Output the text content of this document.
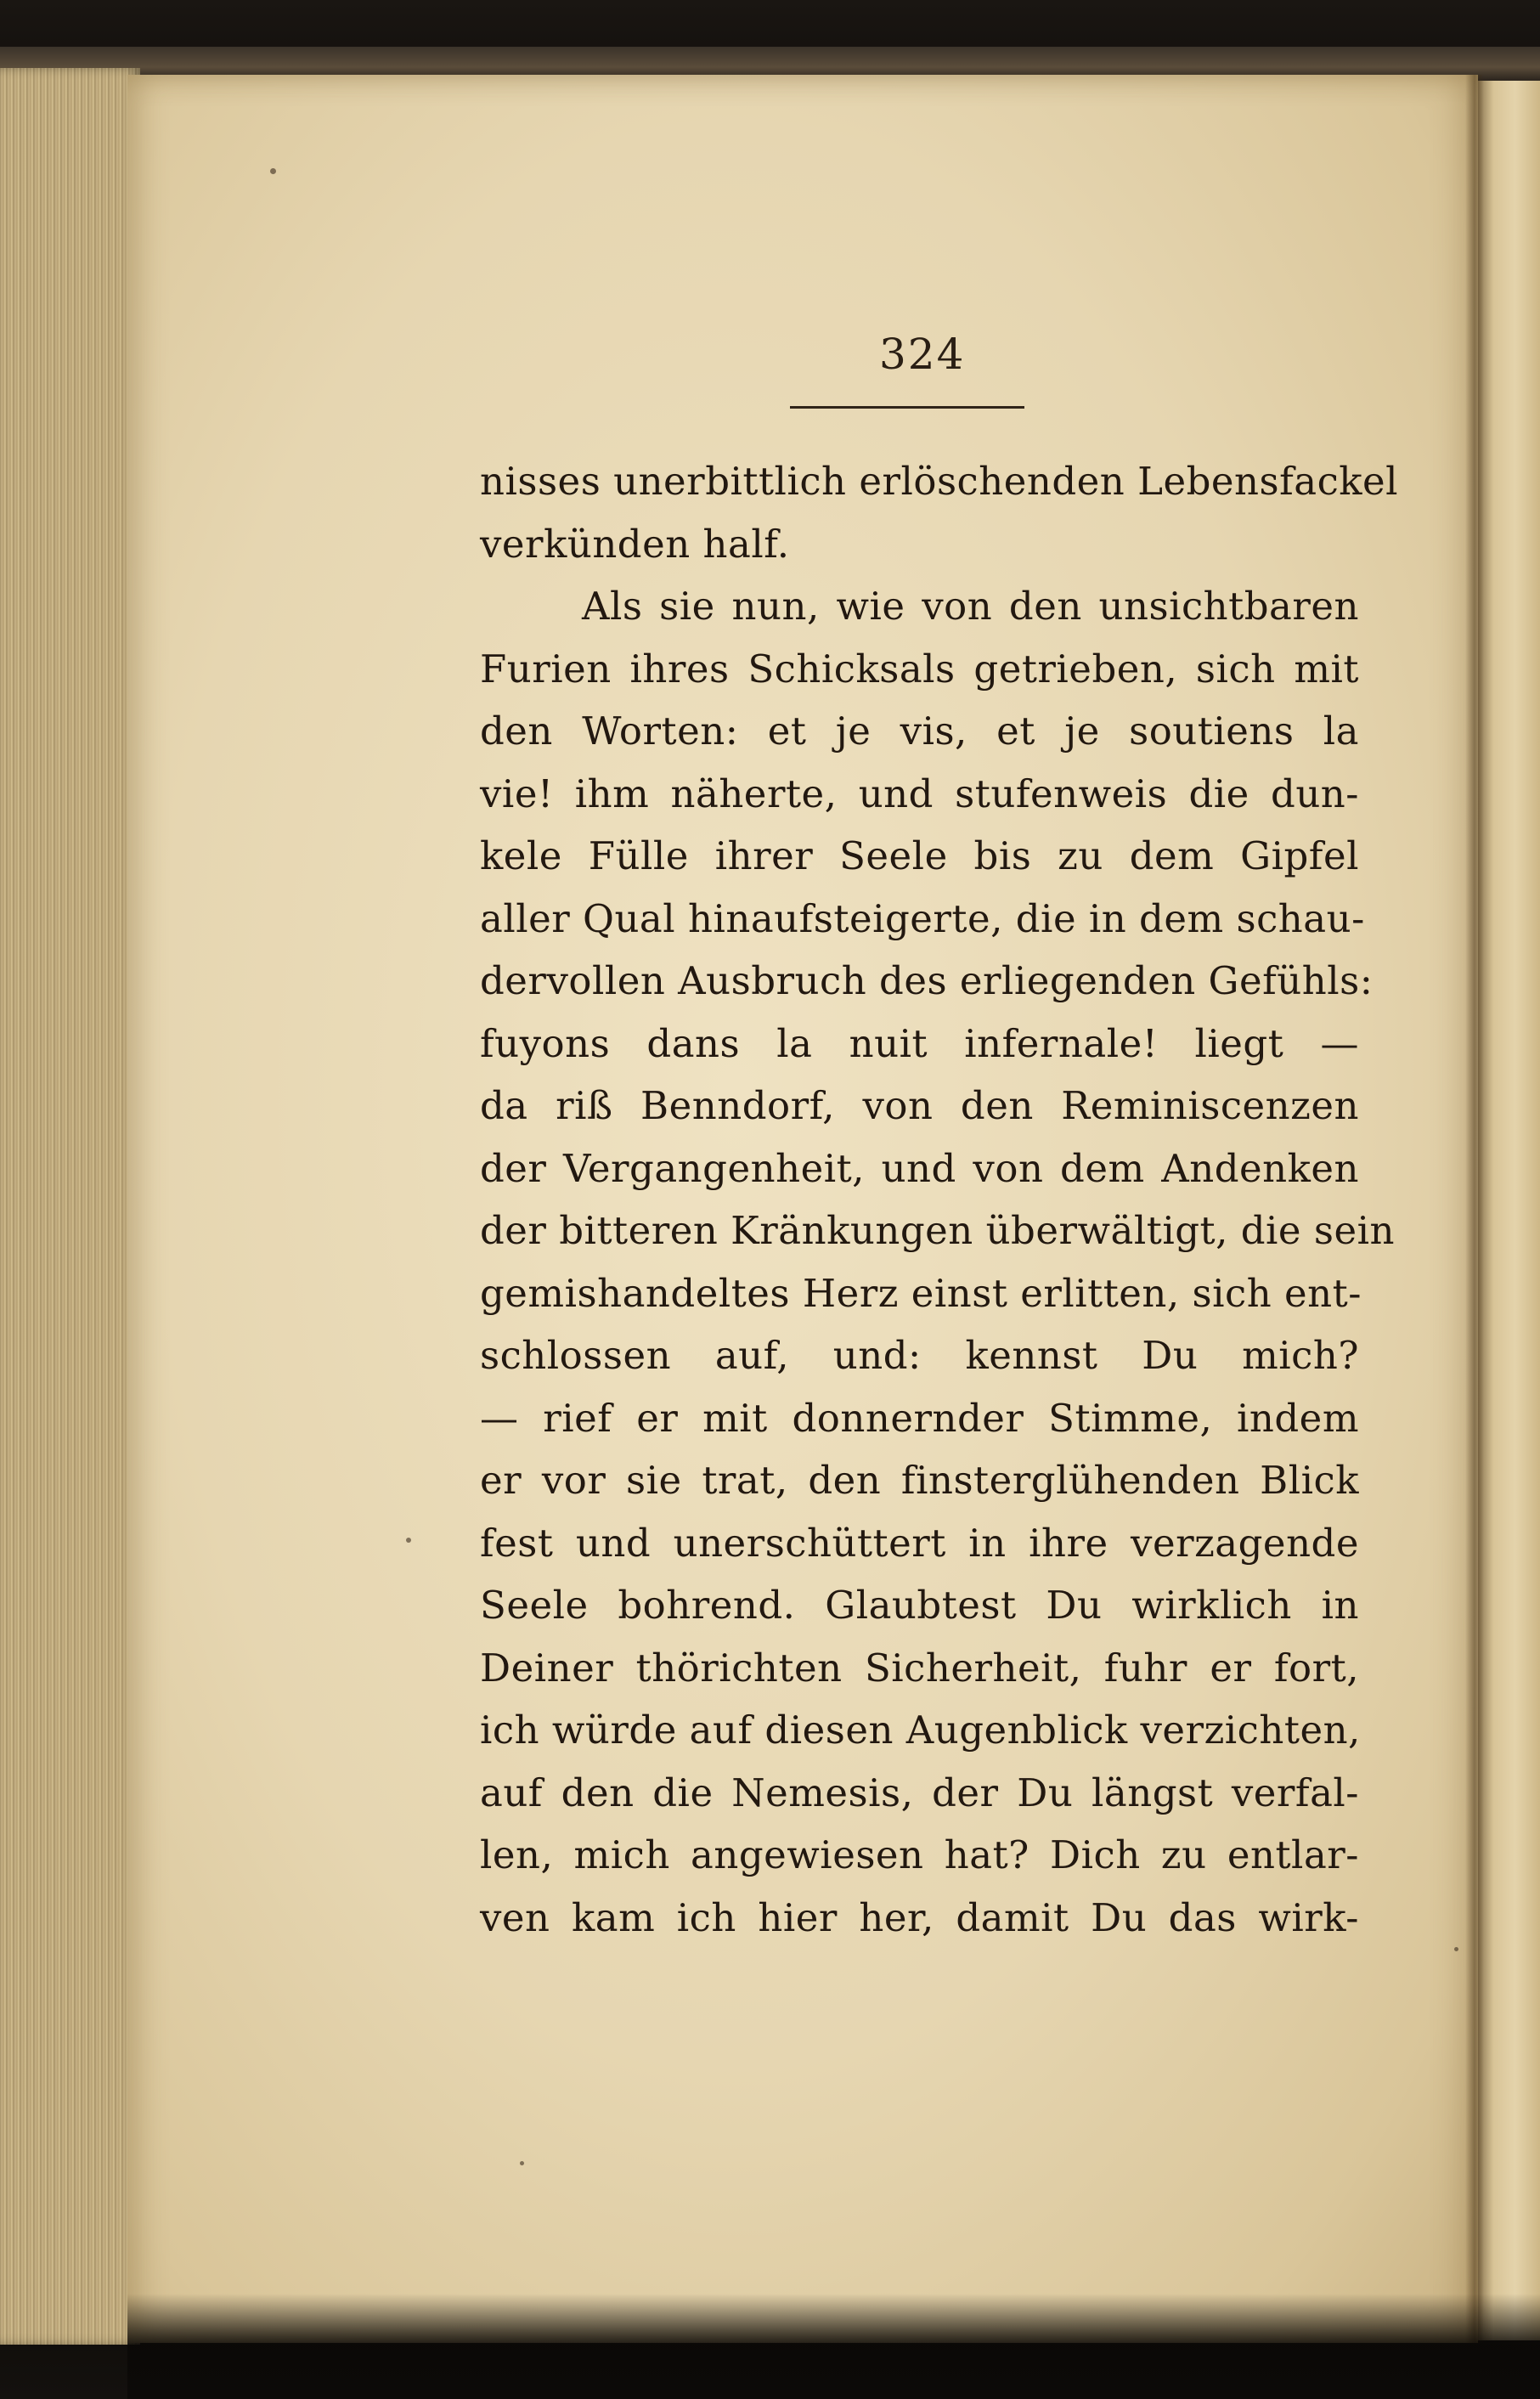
324
nisses unerbittlich erlöschenden Lebensfackel
verkünden half.
Als sie nun, wie von den unsichtbaren
Furien ihres Schicksals getrieben, sich mit
den Worten: et je vis, et je soutiens la
vie! ihm näherte, und stufenweis die dun-
kele Fülle ihrer Seele bis zu dem Gipfel
aller Qual hinaufsteigerte, die in dem schau-
dervollen Ausbruch des erliegenden Gefühls:
fuyons dans la nuit infernale! liegt —
da riß Benndorf, von den Reminiscenzen
der Vergangenheit, und von dem Andenken
der bitteren Kränkungen überwältigt, die sein
gemishandeltes Herz einst erlitten, sich ent-
schlossen auf, und: kennst Du mich?
— rief er mit donnernder Stimme, indem
er vor sie trat, den finsterglühenden Blick
fest und unerschüttert in ihre verzagende
Seele bohrend. Glaubtest Du wirklich in
Deiner thörichten Sicherheit, fuhr er fort,
ich würde auf diesen Augenblick verzichten,
auf den die Nemesis, der Du längst verfal-
len, mich angewiesen hat? Dich zu entlar-
ven kam ich hier her, damit Du das wirk-
